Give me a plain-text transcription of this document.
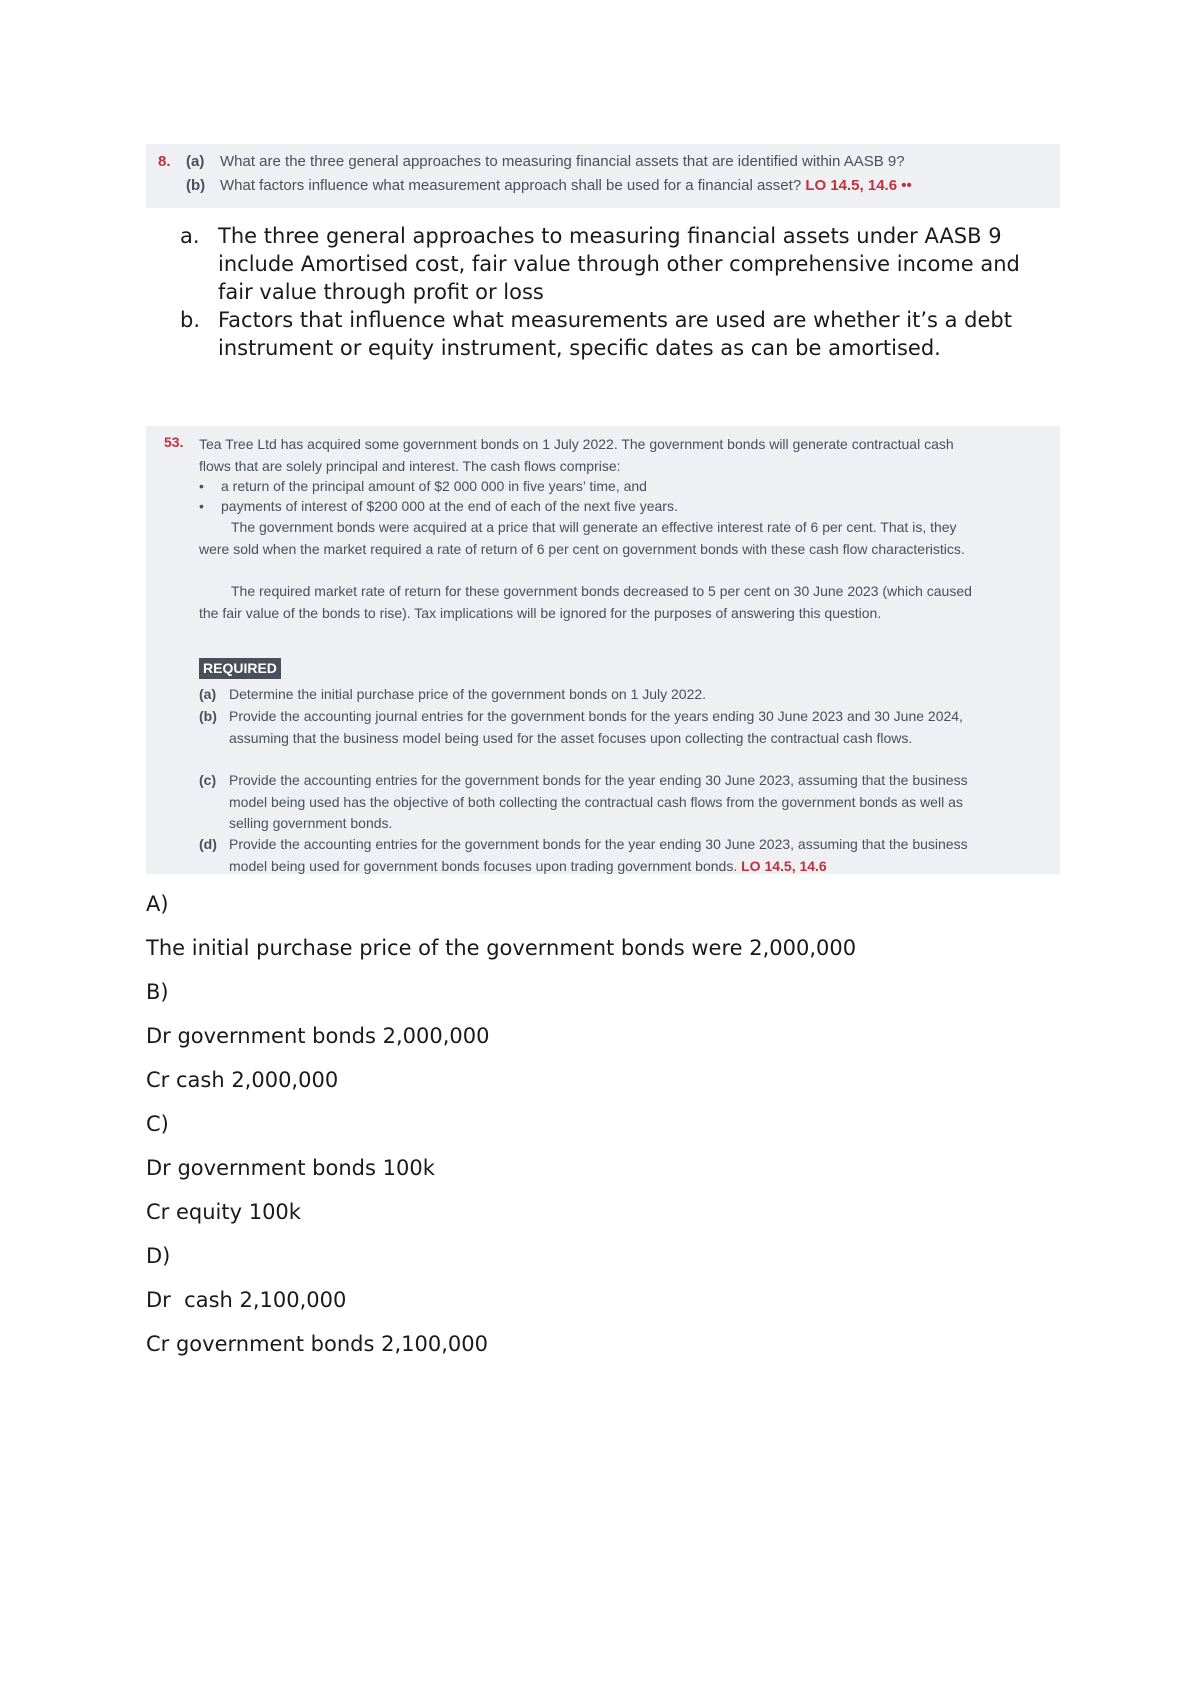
8. (a) What are the three general approaches to measuring financial assets that are identified within AASB 9?
(b) What factors influence what measurement approach shall be used for a financial asset? LO 14.5, 14.6 ••
a. The three general approaches to measuring financial assets under AASB 9 include Amortised cost, fair value through other comprehensive income and fair value through profit or loss
b. Factors that influence what measurements are used are whether it’s a debt instrument or equity instrument, specific dates as can be amortised.
53. Tea Tree Ltd has acquired some government bonds on 1 July 2022. The government bonds will generate contractual cash flows that are solely principal and interest. The cash flows comprise:
• a return of the principal amount of $2 000 000 in five years’ time, and
• payments of interest of $200 000 at the end of each of the next five years.
The government bonds were acquired at a price that will generate an effective interest rate of 6 per cent. That is, they were sold when the market required a rate of return of 6 per cent on government bonds with these cash flow characteristics.
The required market rate of return for these government bonds decreased to 5 per cent on 30 June 2023 (which caused the fair value of the bonds to rise). Tax implications will be ignored for the purposes of answering this question.
REQUIRED
(a) Determine the initial purchase price of the government bonds on 1 July 2022.
(b) Provide the accounting journal entries for the government bonds for the years ending 30 June 2023 and 30 June 2024, assuming that the business model being used for the asset focuses upon collecting the contractual cash flows.
(c) Provide the accounting entries for the government bonds for the year ending 30 June 2023, assuming that the business model being used has the objective of both collecting the contractual cash flows from the government bonds as well as selling government bonds.
(d) Provide the accounting entries for the government bonds for the year ending 30 June 2023, assuming that the business model being used for government bonds focuses upon trading government bonds. LO 14.5, 14.6
A)
The initial purchase price of the government bonds were 2,000,000
B)
Dr government bonds 2,000,000
Cr cash 2,000,000
C)
Dr government bonds 100k
Cr equity 100k
D)
Dr  cash 2,100,000
Cr government bonds 2,100,000
